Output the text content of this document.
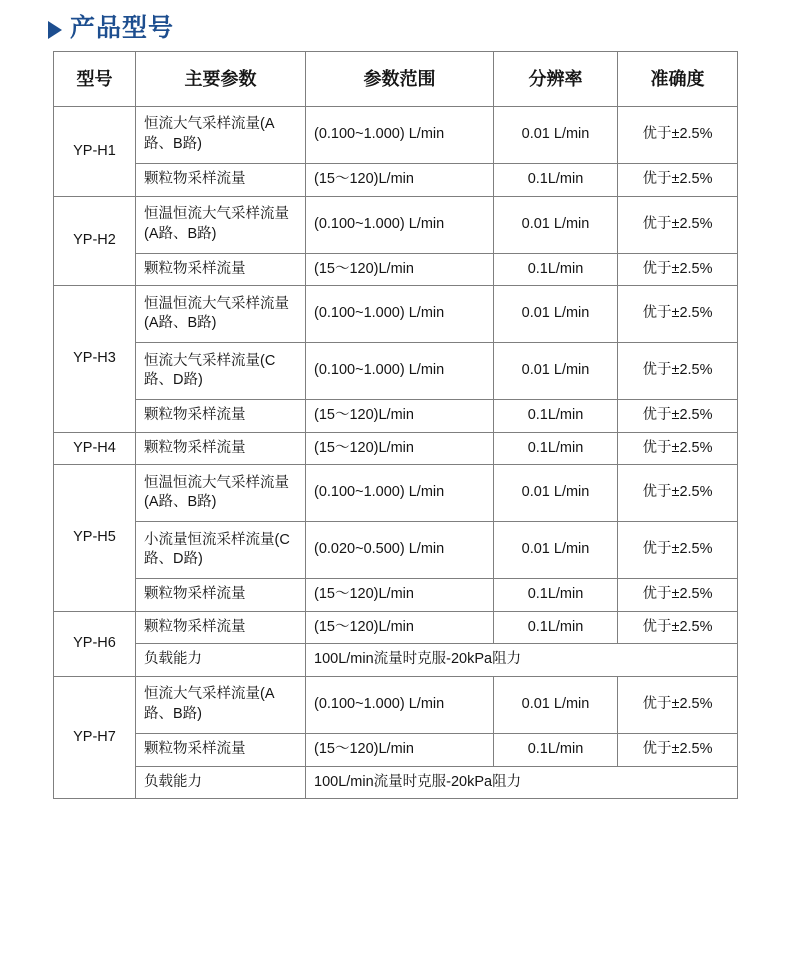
产品型号
型号	主要参数	参数范围	分辨率	准确度
YP-H1	恒流大气采样流量(A路、B路)	(0.100~1.000) L/min	0.01 L/min	优于±2.5%
	颗粒物采样流量	(15～120)L/min	0.1L/min	优于±2.5%
YP-H2	恒温恒流大气采样流量(A路、B路)	(0.100~1.000) L/min	0.01 L/min	优于±2.5%
	颗粒物采样流量	(15～120)L/min	0.1L/min	优于±2.5%
YP-H3	恒温恒流大气采样流量(A路、B路)	(0.100~1.000) L/min	0.01 L/min	优于±2.5%
	恒流大气采样流量(C路、D路)	(0.100~1.000) L/min	0.01 L/min	优于±2.5%
	颗粒物采样流量	(15～120)L/min	0.1L/min	优于±2.5%
YP-H4	颗粒物采样流量	(15～120)L/min	0.1L/min	优于±2.5%
YP-H5	恒温恒流大气采样流量(A路、B路)	(0.100~1.000) L/min	0.01 L/min	优于±2.5%
	小流量恒流采样流量(C路、D路)	(0.020~0.500) L/min	0.01 L/min	优于±2.5%
	颗粒物采样流量	(15～120)L/min	0.1L/min	优于±2.5%
YP-H6	颗粒物采样流量	(15～120)L/min	0.1L/min	优于±2.5%
	负载能力	100L/min流量时克服-20kPa阻力		
YP-H7	恒流大气采样流量(A路、B路)	(0.100~1.000) L/min	0.01 L/min	优于±2.5%
	颗粒物采样流量	(15～120)L/min	0.1L/min	优于±2.5%
	负载能力	100L/min流量时克服-20kPa阻力		
